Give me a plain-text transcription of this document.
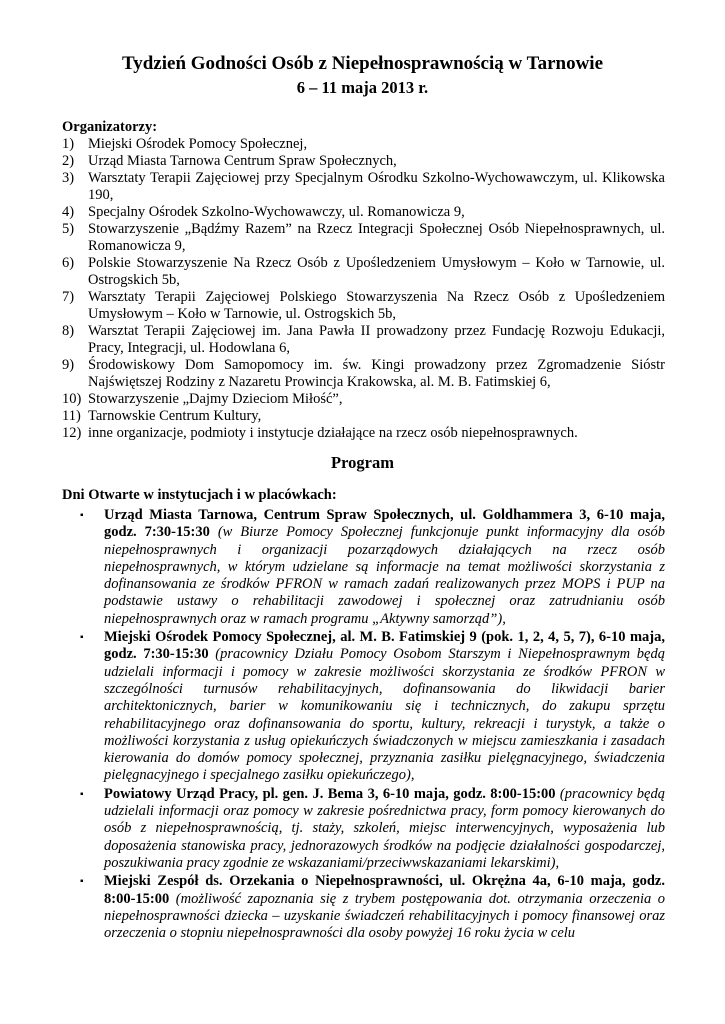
Tydzień Godności Osób z Niepełnosprawnością w Tarnowie
6 – 11 maja 2013 r.
Organizatorzy:
1) Miejski Ośrodek Pomocy Społecznej,
2) Urząd Miasta Tarnowa Centrum Spraw Społecznych,
3) Warsztaty Terapii Zajęciowej przy Specjalnym Ośrodku Szkolno-Wychowawczym, ul. Klikowska 190,
4) Specjalny Ośrodek Szkolno-Wychowawczy, ul. Romanowicza 9,
5) Stowarzyszenie „Bądźmy Razem” na Rzecz Integracji Społecznej Osób Niepełnosprawnych, ul. Romanowicza 9,
6) Polskie Stowarzyszenie Na Rzecz Osób z Upośledzeniem Umysłowym – Koło w Tarnowie, ul. Ostrogskich 5b,
7) Warsztaty Terapii Zajęciowej Polskiego Stowarzyszenia Na Rzecz Osób z Upośledzeniem Umysłowym – Koło w Tarnowie, ul. Ostrogskich 5b,
8) Warsztat Terapii Zajęciowej im. Jana Pawła II prowadzony przez Fundację Rozwoju Edukacji, Pracy, Integracji, ul. Hodowlana 6,
9) Środowiskowy Dom Samopomocy im. św. Kingi prowadzony przez Zgromadzenie Sióstr Najświętszej Rodziny z Nazaretu Prowincja Krakowska, al. M. B. Fatimskiej 6,
10) Stowarzyszenie „Dajmy Dzieciom Miłość”,
11) Tarnowskie Centrum Kultury,
12) inne organizacje, podmioty i instytucje działające na rzecz osób niepełnosprawnych.
Program
Dni Otwarte w instytucjach i w placówkach:
▪	Urząd Miasta Tarnowa, Centrum Spraw Społecznych, ul. Goldhammera 3, 6-10 maja, godz. 7:30-15:30 (w Biurze Pomocy Społecznej funkcjonuje punkt informacyjny dla osób niepełnosprawnych i organizacji pozarządowych działających na rzecz osób niepełnosprawnych, w którym udzielane są informacje na temat możliwości skorzystania z dofinansowania ze środków PFRON w ramach zadań realizowanych przez MOPS i PUP na podstawie ustawy o rehabilitacji zawodowej i społecznej oraz zatrudnianiu osób niepełnosprawnych oraz w ramach programu „Aktywny samorząd”),
▪	Miejski Ośrodek Pomocy Społecznej, al. M. B. Fatimskiej 9 (pok. 1, 2, 4, 5, 7), 6-10 maja, godz. 7:30-15:30 (pracownicy Działu Pomocy Osobom Starszym i Niepełnosprawnym będą udzielali informacji i pomocy w zakresie możliwości skorzystania ze środków PFRON w szczególności turnusów rehabilitacyjnych, dofinansowania do likwidacji barier architektonicznych, barier w komunikowaniu się i technicznych, do zakupu sprzętu rehabilitacyjnego oraz dofinansowania do sportu, kultury, rekreacji i turystyk, a także o możliwości korzystania z usług opiekuńczych świadczonych w miejscu zamieszkania i zasadach kierowania do domów pomocy społecznej, przyznania zasiłku pielęgnacyjnego, świadczenia pielęgnacyjnego i specjalnego zasiłku opiekuńczego),
▪	Powiatowy Urząd Pracy, pl. gen. J. Bema 3, 6-10 maja, godz. 8:00-15:00 (pracownicy będą udzielali informacji oraz pomocy w zakresie pośrednictwa pracy, form pomocy kierowanych do osób z niepełnosprawnością, tj. staży, szkoleń, miejsc interwencyjnych, wyposażenia lub doposażenia stanowiska pracy, jednorazowych środków na podjęcie działalności gospodarczej, poszukiwania pracy zgodnie ze wskazaniami/przeciwwskazaniami lekarskimi),
▪	Miejski Zespół ds. Orzekania o Niepełnosprawności, ul. Okrężna 4a, 6-10 maja, godz. 8:00-15:00 (możliwość zapoznania się z trybem postępowania dot. otrzymania orzeczenia o niepełnosprawności dziecka – uzyskanie świadczeń rehabilitacyjnych i pomocy finansowej oraz orzeczenia o stopniu niepełnosprawności dla osoby powyżej 16 roku życia w celu
